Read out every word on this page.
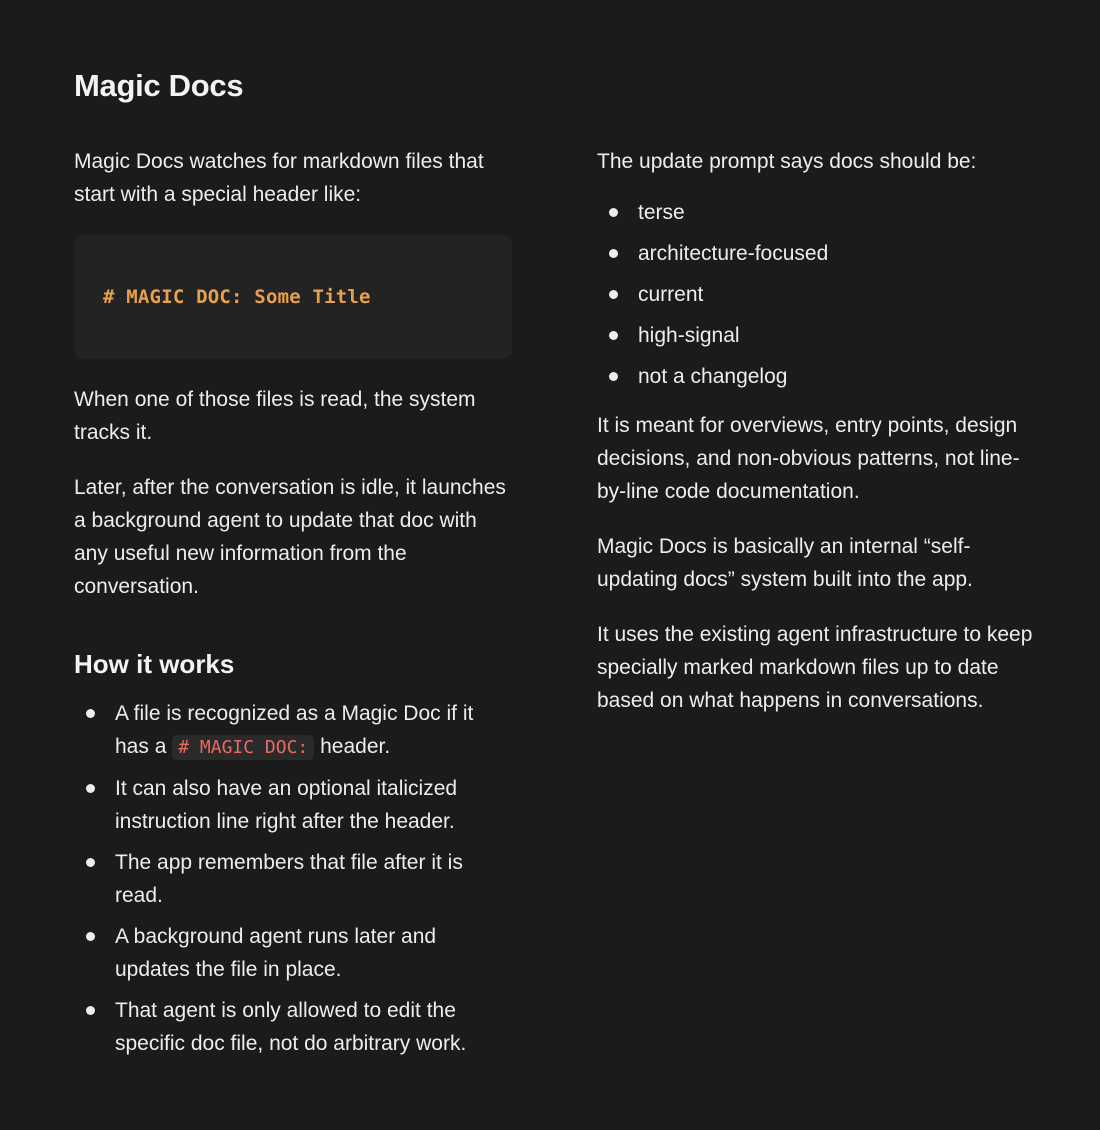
Magic Docs

Magic Docs watches for markdown files that start with a special header like:

# MAGIC DOC: Some Title

When one of those files is read, the system tracks it.

Later, after the conversation is idle, it launches a background agent to update that doc with any useful new information from the conversation.

How it works
A file is recognized as a Magic Doc if it has a # MAGIC DOC: header.
It can also have an optional italicized instruction line right after the header.
The app remembers that file after it is read.
A background agent runs later and updates the file in place.
That agent is only allowed to edit the specific doc file, not do arbitrary work.

The update prompt says docs should be:

terse
architecture-focused
current
high-signal
not a changelog

It is meant for overviews, entry points, design decisions, and non-obvious patterns, not line-by-line code documentation.

Magic Docs is basically an internal “self-updating docs” system built into the app.

It uses the existing agent infrastructure to keep specially marked markdown files up to date based on what happens in conversations.
